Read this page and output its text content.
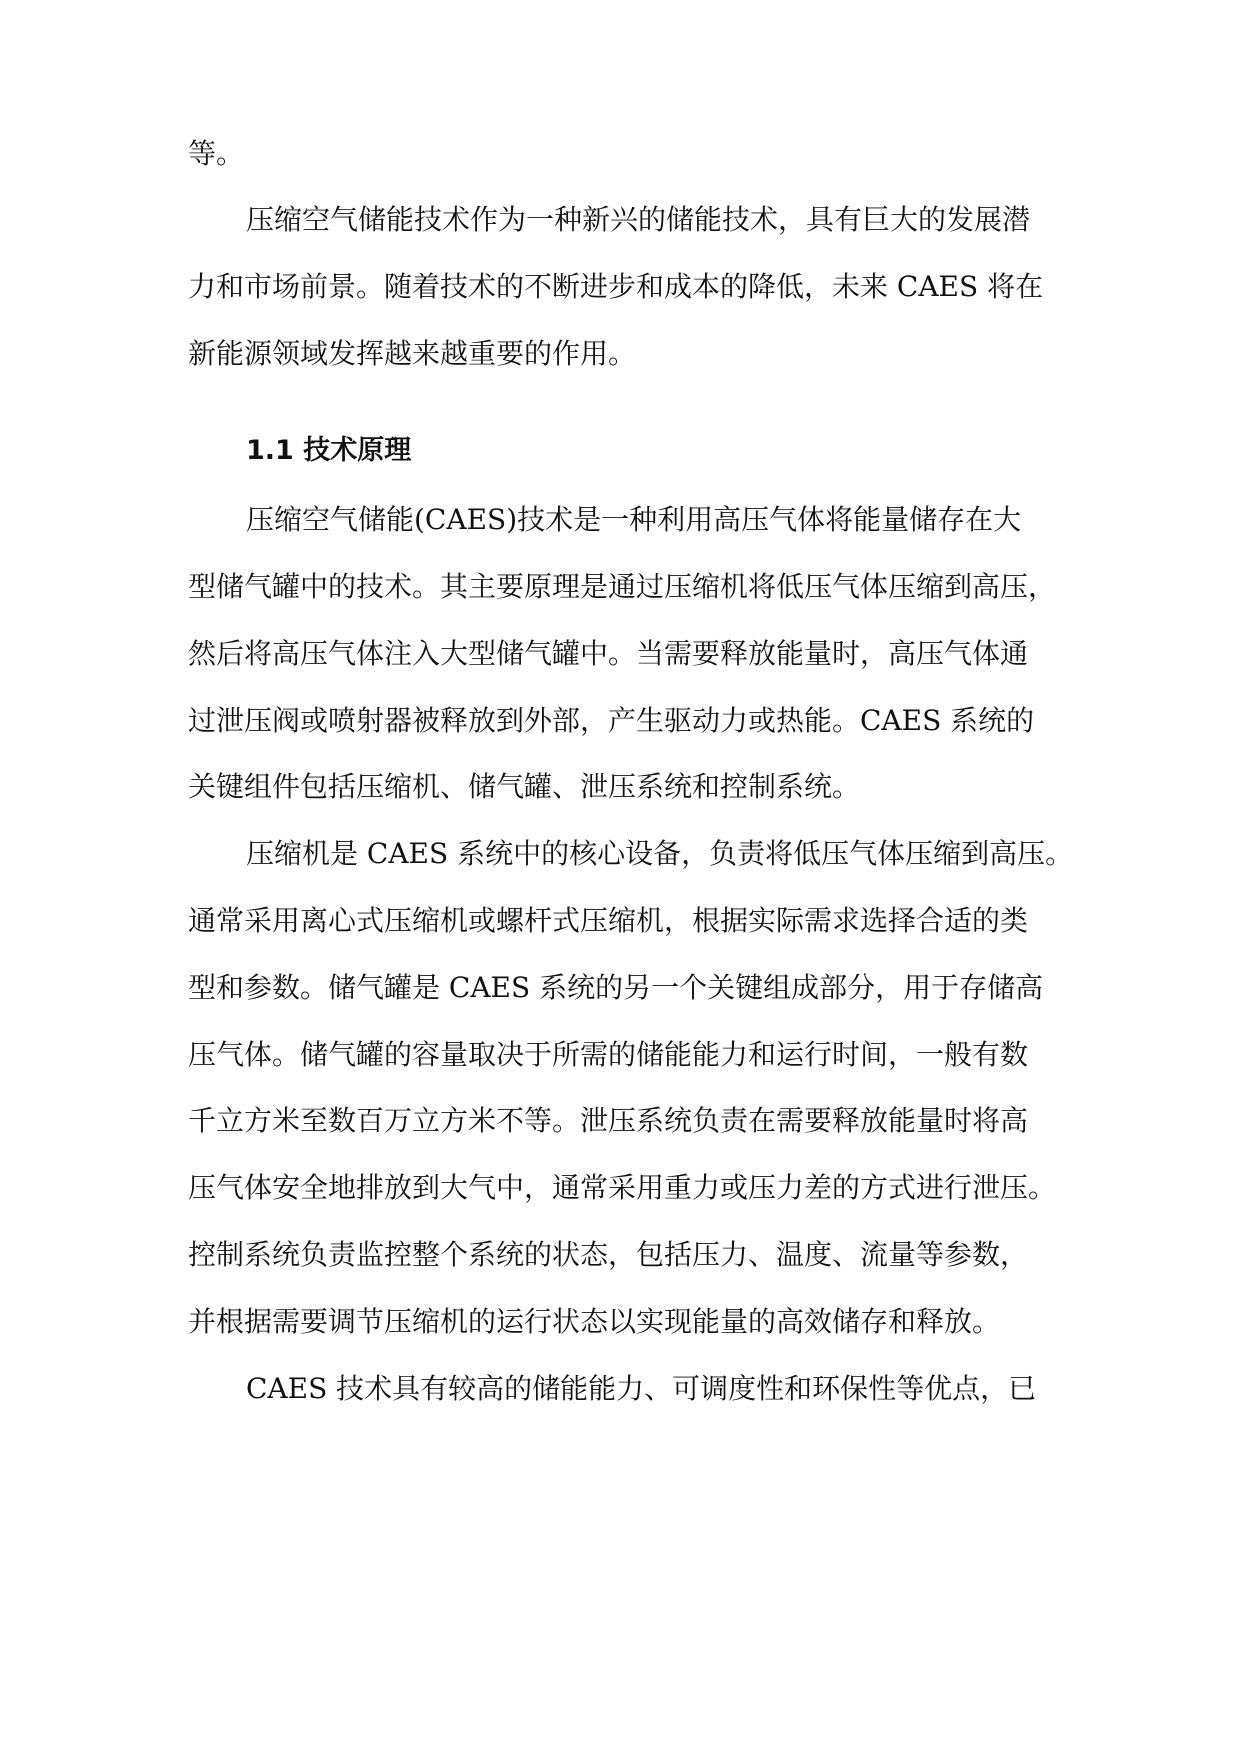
等。
压缩空气储能技术作为一种新兴的储能技术，具有巨大的发展潜
力和市场前景。随着技术的不断进步和成本的降低，未来 CAES 将在
新能源领域发挥越来越重要的作用。
1.1 技术原理
压缩空气储能(CAES)技术是一种利用高压气体将能量储存在大
型储气罐中的技术。其主要原理是通过压缩机将低压气体压缩到高压，
然后将高压气体注入大型储气罐中。当需要释放能量时，高压气体通
过泄压阀或喷射器被释放到外部，产生驱动力或热能。CAES 系统的
关键组件包括压缩机、储气罐、泄压系统和控制系统。
压缩机是 CAES 系统中的核心设备，负责将低压气体压缩到高压。
通常采用离心式压缩机或螺杆式压缩机，根据实际需求选择合适的类
型和参数。储气罐是 CAES 系统的另一个关键组成部分，用于存储高
压气体。储气罐的容量取决于所需的储能能力和运行时间，一般有数
千立方米至数百万立方米不等。泄压系统负责在需要释放能量时将高
压气体安全地排放到大气中，通常采用重力或压力差的方式进行泄压。
控制系统负责监控整个系统的状态，包括压力、温度、流量等参数，
并根据需要调节压缩机的运行状态以实现能量的高效储存和释放。
CAES 技术具有较高的储能能力、可调度性和环保性等优点，已
